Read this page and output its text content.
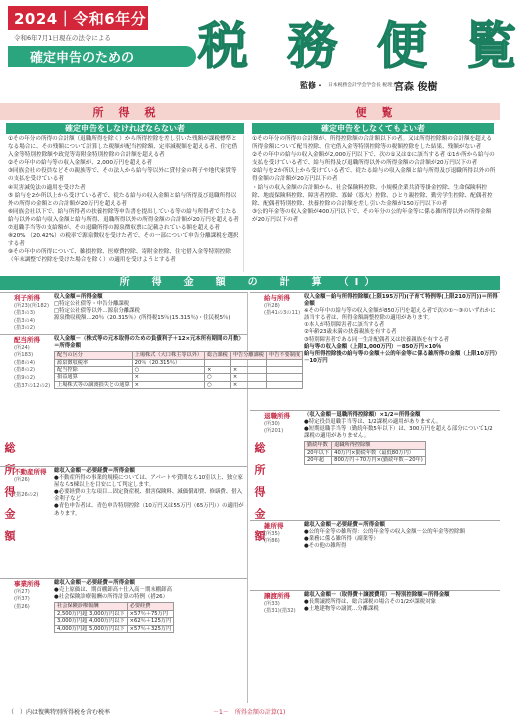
2024｜令和6年分
令和6年7月1日現在の法令による
確定申告のための	税 務 便 覧
監修・ 日本税務会計学会学会長 税理士
宮森 俊樹
所　得　税	便　覧
確定申告をしなければならない者	確定申告をしなくてもよい者
①その年分の所得の合計額（退職所得を除く）から所得控除を差し引いた残額が課税標準となる場合に、その残額について計算した税額が配当控除額、定率減税額を超える者、住宅借入金等特別控除額や政党等寄附金特別控除の合計額を超える者
②その年中の給与等の収入金額が、2,000万円を超える者
③同族会社の役員などその親族等で、その法人から給与等以外に貸付金の利子や地代家賃等の支払を受けている者
④災害減免法の適用を受けた者
⑤ 給与を2か所以上から受けている者で、従たる給与の収入金額と給与所得及び退職所得以外の所得の金額との合計額が20万円を超える者
⑥同族会社以下で、給与所得者の扶養控除等申告書を提出している等の給与所得者で主たる給与以外の給与収入金額と給与所得、退職所得以外の所得金額の合計額が20万円を超える者
⑦退職手当等の支給額が、その退職所得の源泉徴収票に記載されている額を超える者
⑧20% （20.42%）の税率で源泉徴収を受けた者で、その一部について申告分離課税を選択する者
⑨その年中の所得について、雑損控除、医療費控除、寄附金控除、住宅借入金等特別控除（年末調整で控除を受けた場合を除く）の適用を受けようとする者
①その年分の所得の合計額が、所得控除額の合計額以下の者。又は所得控除額の合計額を超える所得金額について配当控除、住宅借入金等特別控除等の税額控除をした結果、残額がない者
②その年中の給与の収入金額が2,000万円以下で、次の①又は②に該当する者 ①1か所から給与の支払を受けている者で、給与所得及び退職所得以外の所得金額の合計額が20万円以下の者
②給与を2か所以上から受けている者で、従たる給与の収入金額と給与所得及び退職所得以外の所得金額の合計額が20万円以下の者
・給与の収入金額の合計額から、社会保険料控除、小規模企業共済等掛金控除、生命保険料控除、地震保険料控除、障害者控除、寡婦（寡夫）控除、ひとり親控除、勤労学生控除、配偶者控除、配偶者特別控除、扶養控除の合計額を差し引いた金額が150万円以下の者
③公的年金等の収入金額が400万円以下で、その年分の公的年金等に係る雑所得以外の所得金額が20万円以下の者
所　得　金　額　の　計　算　（Ⅰ）
総　所　得　金　額
利子所得
(所23)(所182)
(措3の3)
(措3の4)
(措3の2)
収入金額＝所得金額
□特定公社債等・申告分離課税
□特定公社債等以外…源泉分離課税
源泉徴収税額…20％（20.315％）(所得税15％(15.315％)・住民税5％)
配当所得
(所24)
(所183)
(措8の4)
(措8の2)
(措9の2)
(措37の12の2)
収入金額－（株式等の元本取得のための負債利子＋12×元本所有期間の月数）＝所得金額
配当の区分	上場株式（大口株主等以外）	総合課税	申告分離課税	申告不要制度
源泉徴収税率	20％（20.315％）			
配当控除	○	×	×	
損益通算	×	○	×	
上場株式等の譲渡損失との通算	×	○	×	
不動産所得
(所26)

(措26の2)
総収入金額－必要経費＝所得金額
●不動産所得の事業的規模については、アパートや貸間なら10室以上、独立家屋なら5棟以上を目安にして判定します。
●必要経費の主な項目…固定資産税、損害保険料、減価償却費、修繕費、借入金利子など
●青色申告者は、青色申告特別控除（10万円又は55万円（65万円））の適用があります。
事業所得
(所27)
(所37)
(措26)
総収入金額－必要経費＝所得金額
●売上原価は、期首棚卸高＋仕入高－期末棚卸高
●社会保険診療報酬の所得計算の特例（措26）
社会保険診療報酬	必要経費
2,500万円超 3,000万円以下	×57％＋75万円
3,000万円超 4,000万円以下	×62％＋125万円
4,000万円超 5,000万円以下	×57％＋325万円
総　所　得　金　額
給与所得
(所28)
(措41の3の11)
収入金額－給与所得控除額(上限195万円)(子育て特例等(上限210万円))＝所得金額
※その年中の給与等の収入金額が850万円を超える者で次の①～③のいずれかに該当する者は、所得金額調整控除の適用があります。
①本人が特別障害者に該当する者
②年齢23歳未満の扶養親族を有する者
③特別障害者である同一生計配偶者又は扶養親族を有する者
給与等の収入金額（上限1,000万円）－850万円×10％
給与所得控除後の給与等の金額＋公的年金等に係る雑所得の金額（上限10万円）－10万円
退職所得
(所30)
(所201)
（収入金額－退職所得控除額）×1/2＝所得金額
●特定役員退職手当等は、1/2課税の適用がありません。
●短期退職手当等（勤続年数5年以下）は、300万円を超える部分について1/2課税の適用がありません。
勤続年数	退職所得控除額
20年以下	40万円×勤続年数（最低80万円）
20年超	800万円＋70万円×(勤続年数－20年)
雑所得
(所35)
(所86)
総収入金額－必要経費＝所得金額
●公的年金等の雑所得：公的年金等の収入金額－公的年金等控除額
●業務に係る雑所得（副業等）
●その他の雑所得
譲渡所得
(所33)
(措31)(措32)
総収入金額－（取得費＋譲渡費用）－特別控除額＝所得金額
●長期譲渡所得は、総合課税の場合その1/2が課税対象
●土地建物等の譲渡…分離課税
（　）内は復興特別所得税を含む税率	－1－　所得金額の計算(1)
